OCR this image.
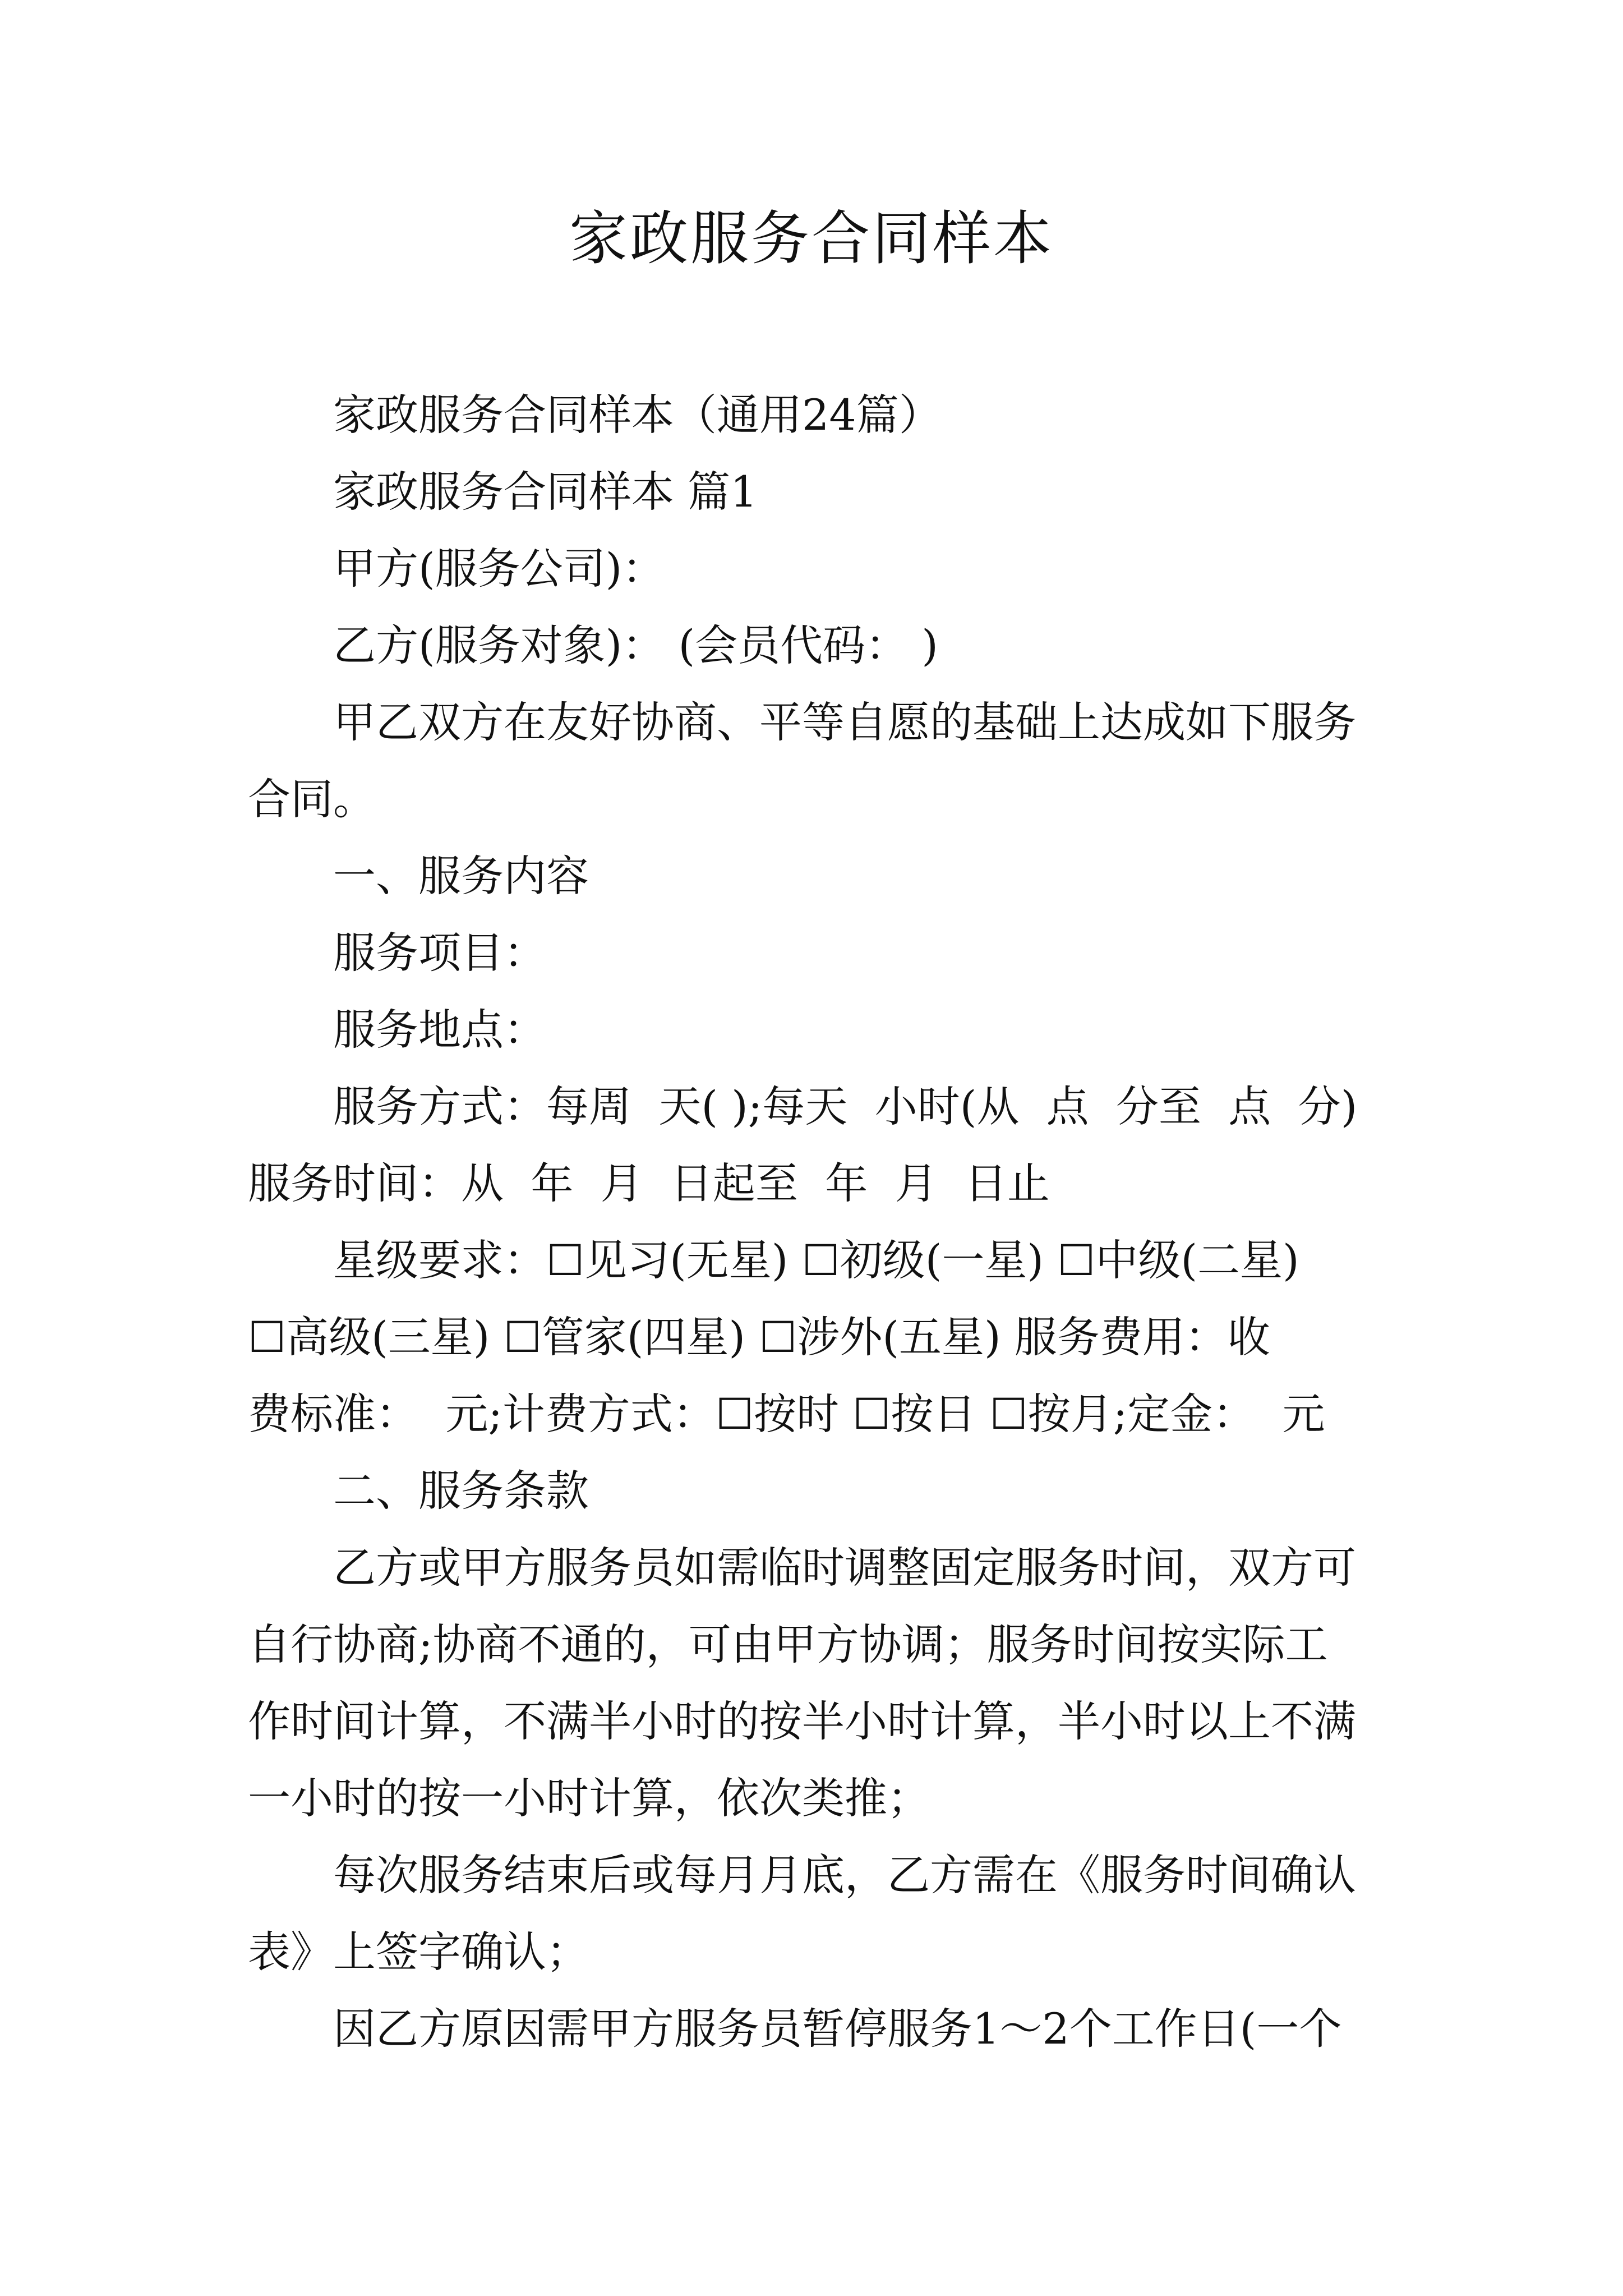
家政服务合同样本

家政服务合同样本（通用24篇）

家政服务合同样本 篇1

甲方(服务公司)：

乙方(服务对象)： (会员代码： )

甲乙双方在友好协商、平等自愿的基础上达成如下服务

合同。

一、服务内容

服务项目：

服务地点：

服务方式：每周  天( );每天  小时(从  点  分至  点  分)

服务时间：从  年  月  日起至  年  月  日止

星级要求：☐见习(无星) ☐初级(一星) ☐中级(二星)

☐高级(三星) ☐管家(四星) ☐涉外(五星) 服务费用：收

费标准：  元;计费方式：☐按时 ☐按日 ☐按月;定金：  元

二、服务条款

乙方或甲方服务员如需临时调整固定服务时间，双方可

自行协商;协商不通的，可由甲方协调；服务时间按实际工

作时间计算，不满半小时的按半小时计算，半小时以上不满

一小时的按一小时计算，依次类推；

每次服务结束后或每月月底，乙方需在《服务时间确认

表》上签字确认；

因乙方原因需甲方服务员暂停服务1～2个工作日(一个
